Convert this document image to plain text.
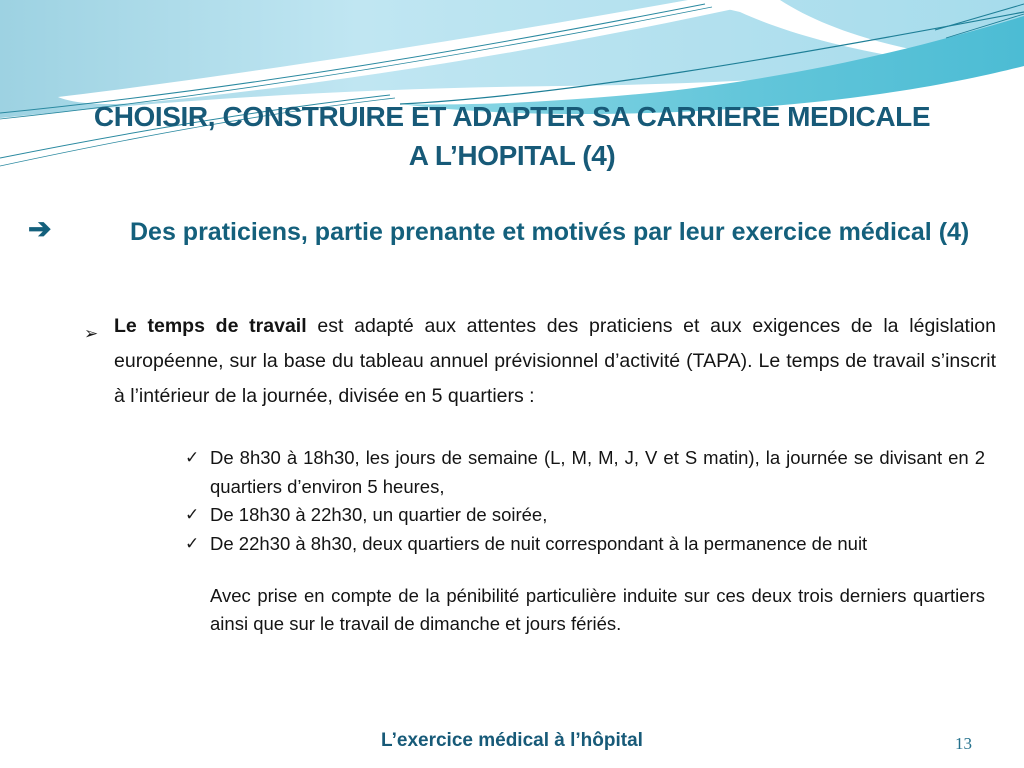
CHOISIR, CONSTRUIRE ET ADAPTER SA CARRIERE MEDICALE
A L’HOPITAL (4)
➔	Des praticiens, partie prenante et motivés par leur exercice médical (4)
➢ Le temps de travail est adapté aux attentes des praticiens et aux exigences de la législation européenne, sur la base du tableau annuel prévisionnel d’activité (TAPA). Le temps de travail s’inscrit à l’intérieur de la journée, divisée en 5 quartiers :
✓ De 8h30 à 18h30, les jours de semaine (L, M, M, J, V et S matin), la journée se divisant en 2 quartiers d’environ 5 heures,
✓ De 18h30 à 22h30, un quartier de soirée,
✓ De 22h30 à 8h30, deux quartiers de nuit correspondant à la permanence de nuit
Avec prise en compte de la pénibilité particulière induite sur ces deux trois derniers quartiers ainsi que sur le travail de dimanche et jours fériés.
L’exercice médical à l’hôpital	13
